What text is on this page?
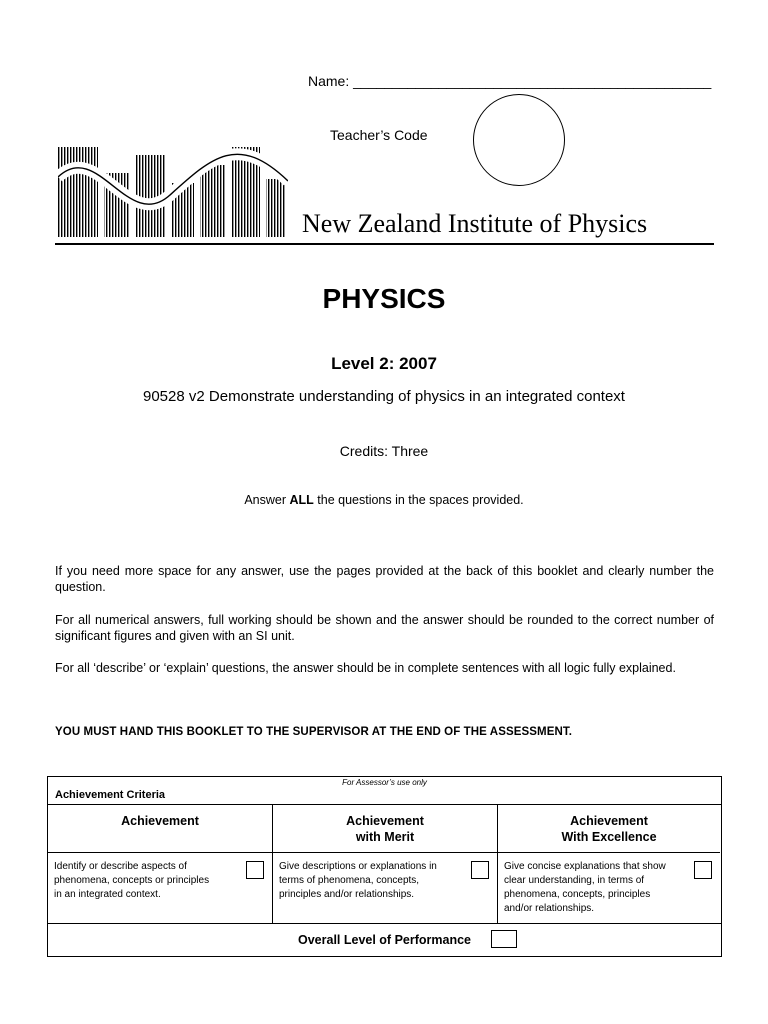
Name: ______________________________________________
Teacher’s Code
New Zealand Institute of Physics
PHYSICS
Level 2: 2007
90528 v2 Demonstrate understanding of physics in an integrated context
Credits: Three
Answer ALL the questions in the spaces provided.
If you need more space for any answer, use the pages provided at the back of this booklet and clearly number the question.
For all numerical answers, full working should be shown and the answer should be rounded to the correct number of significant figures and given with an SI unit.
For all ‘describe’ or ‘explain’ questions, the answer should be in complete sentences with all logic fully explained.
YOU MUST HAND THIS BOOKLET TO THE SUPERVISOR AT THE END OF THE ASSESSMENT.
For Assessor’s use only
Achievement Criteria
Achievement
Identify or describe aspects of phenomena, concepts or principles in an integrated context.
Achievement
with Merit
Give descriptions or explanations in terms of phenomena, concepts, principles and/or relationships.
Achievement
With Excellence
Give concise explanations that show clear understanding, in terms of phenomena, concepts, principles and/or relationships.
Overall Level of Performance
